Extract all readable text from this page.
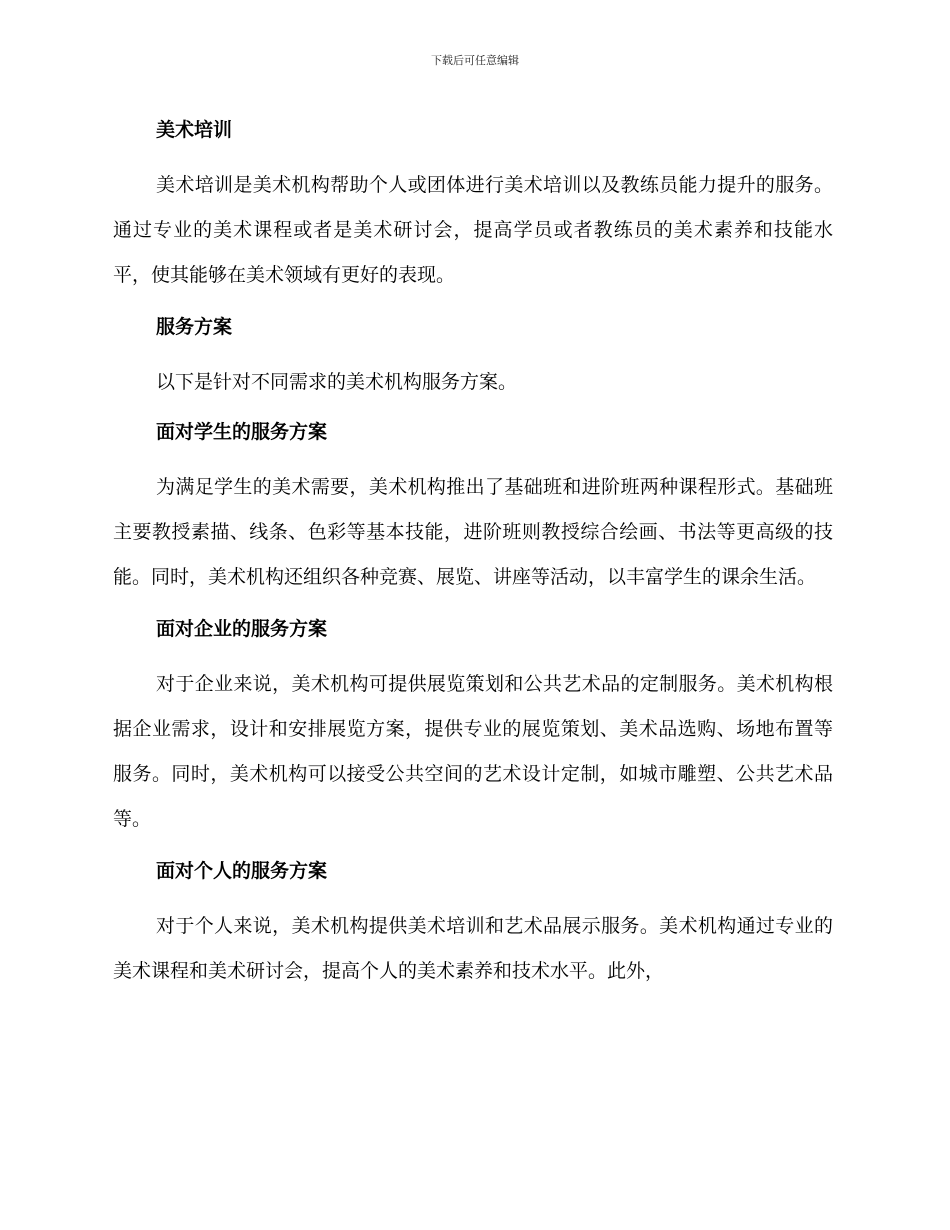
下载后可任意编辑
美术培训

美术培训是美术机构帮助个人或团体进行美术培训以及教练员能力提升的服务。通过专业的美术课程或者是美术研讨会，提高学员或者教练员的美术素养和技能水平，使其能够在美术领域有更好的表现。

服务方案

以下是针对不同需求的美术机构服务方案。

面对学生的服务方案

为满足学生的美术需要，美术机构推出了基础班和进阶班两种课程形式。基础班主要教授素描、线条、色彩等基本技能，进阶班则教授综合绘画、书法等更高级的技能。同时，美术机构还组织各种竞赛、展览、讲座等活动，以丰富学生的课余生活。

面对企业的服务方案

对于企业来说，美术机构可提供展览策划和公共艺术品的定制服务。美术机构根据企业需求，设计和安排展览方案，提供专业的展览策划、美术品选购、场地布置等服务。同时，美术机构可以接受公共空间的艺术设计定制，如城市雕塑、公共艺术品等。

面对个人的服务方案

对于个人来说，美术机构提供美术培训和艺术品展示服务。美术机构通过专业的美术课程和美术研讨会，提高个人的美术素养和技术水平。此外，
